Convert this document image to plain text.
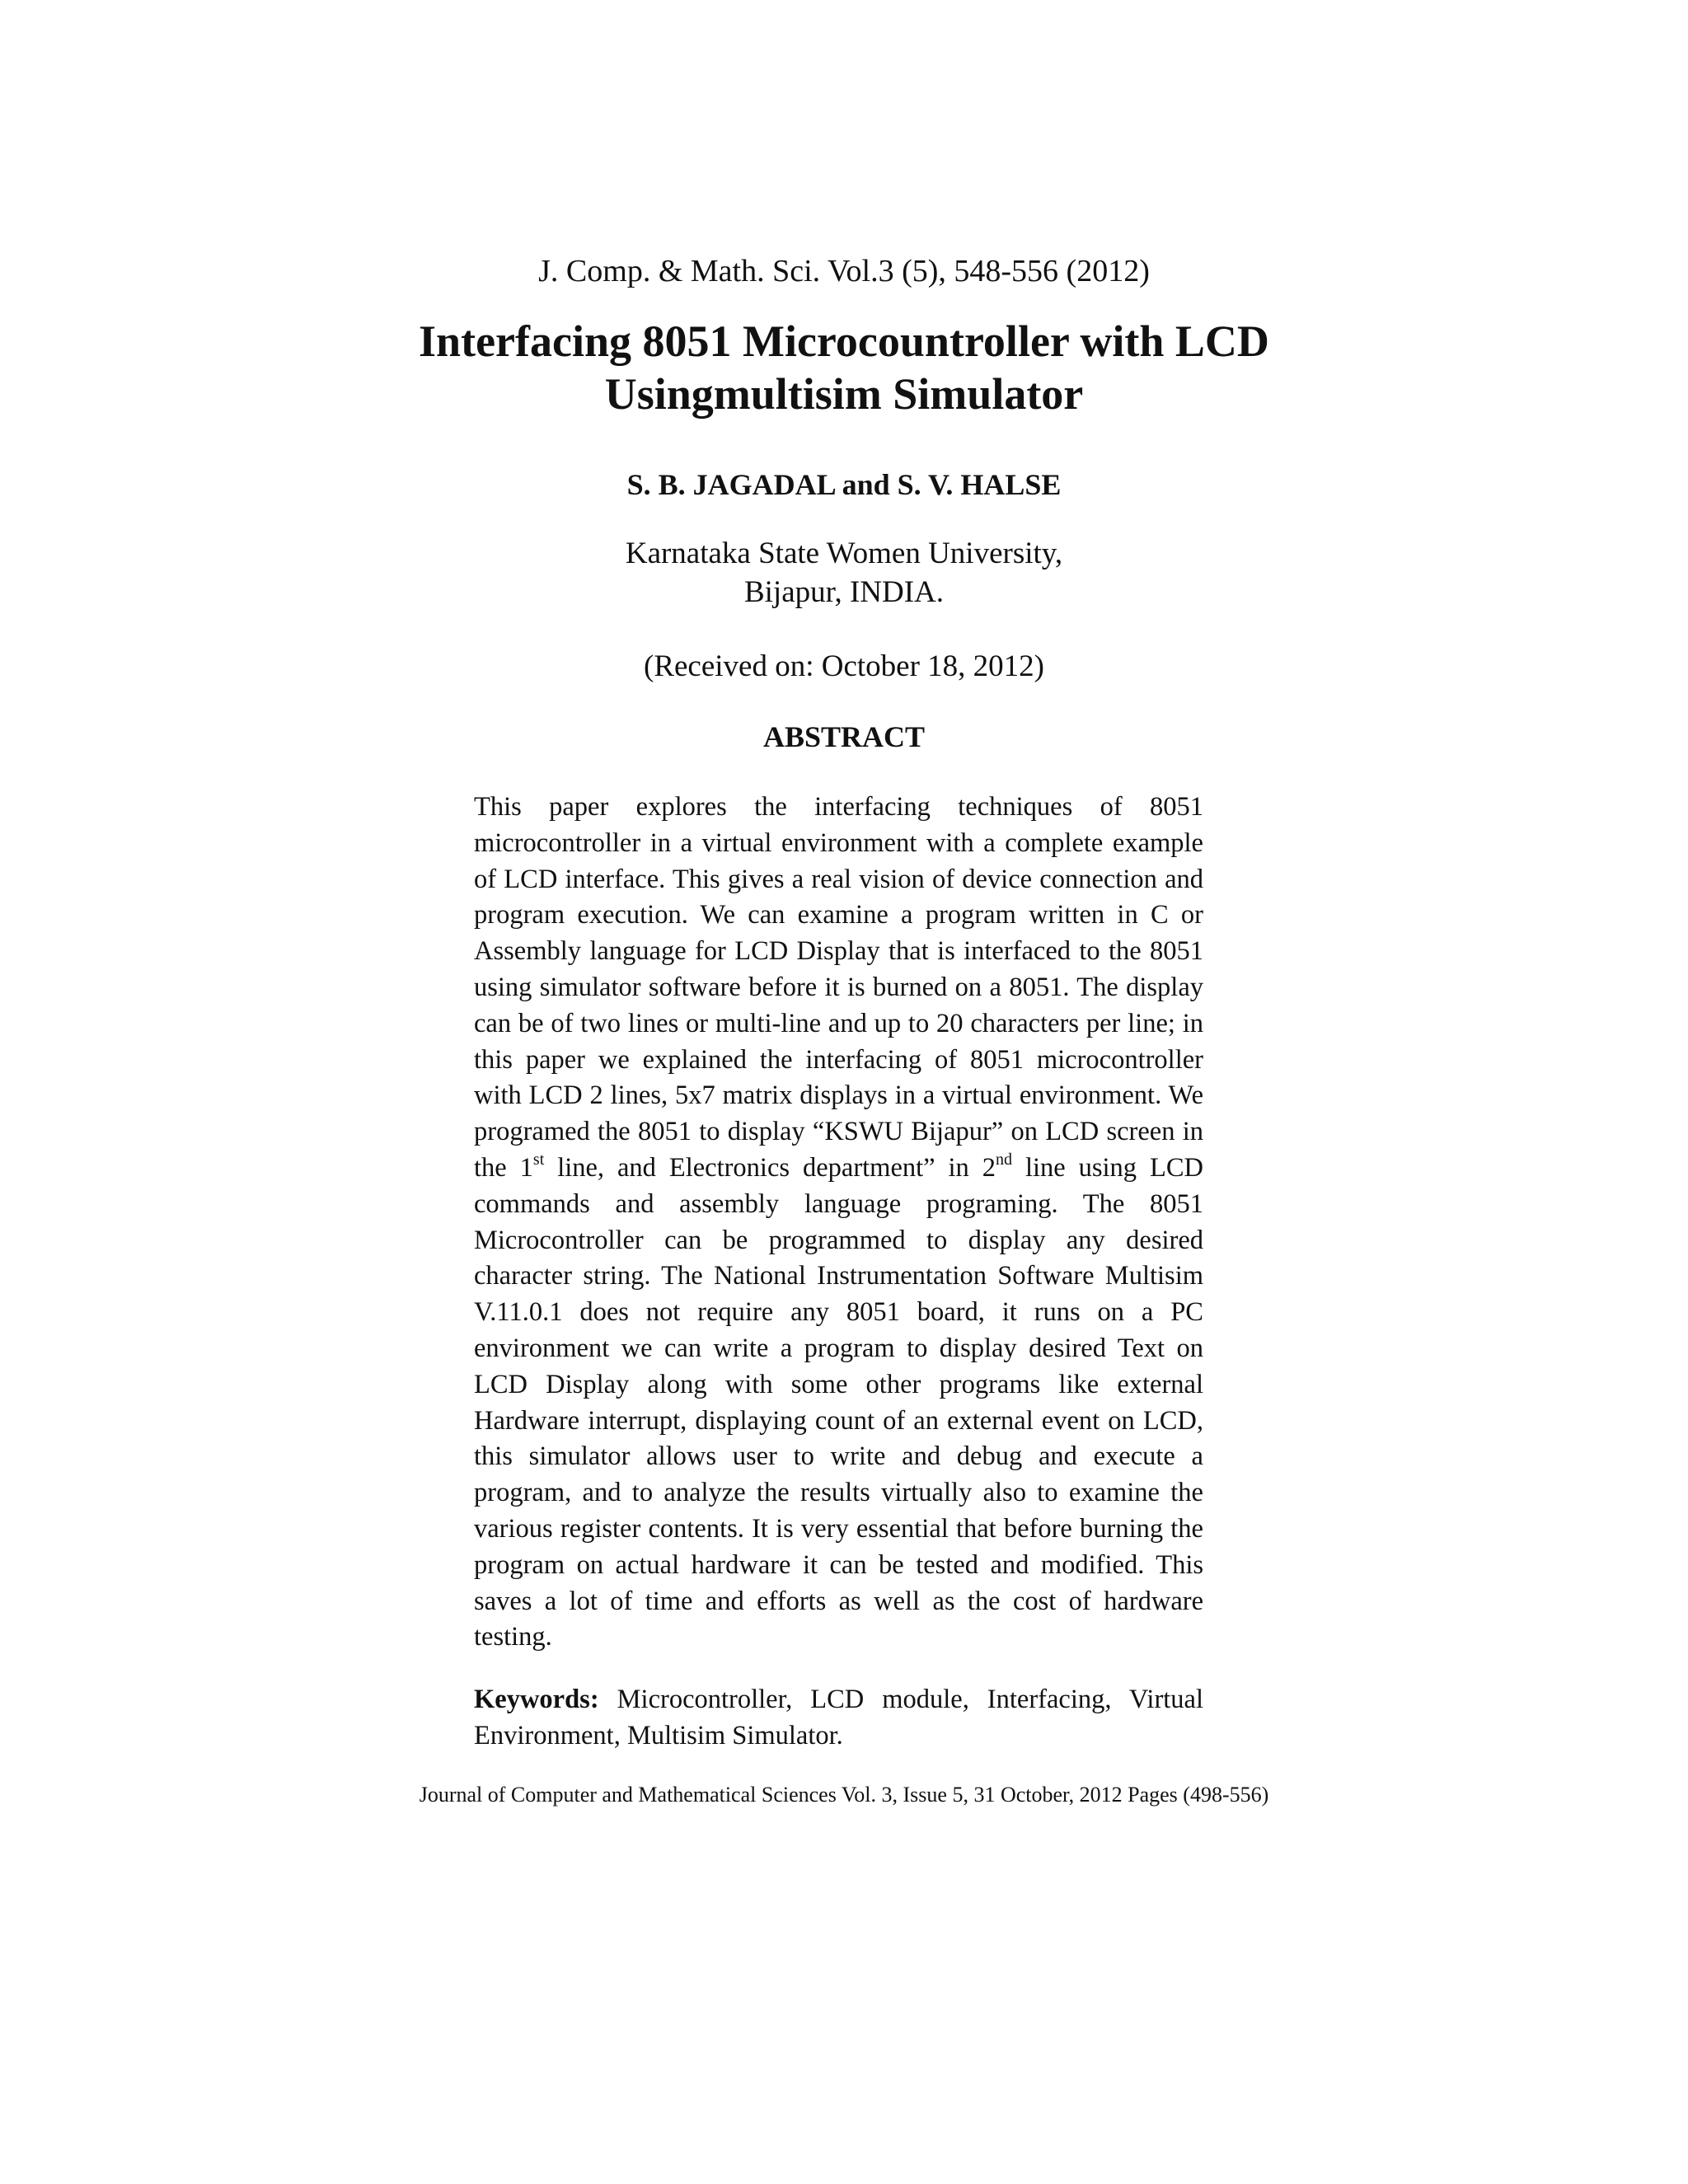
J. Comp. & Math. Sci. Vol.3 (5), 548-556 (2012)
Interfacing 8051 Microcountroller with LCD
Usingmultisim Simulator
S. B. JAGADAL and S. V. HALSE
Karnataka State Women University,
Bijapur, INDIA.
(Received on: October 18, 2012)
ABSTRACT
This paper explores the interfacing techniques of 8051 microcontroller in a virtual environment with a complete example of LCD interface. This gives a real vision of device connection and program execution. We can examine a program written in C or Assembly language for LCD Display that is interfaced to the 8051 using simulator software before it is burned on a 8051. The display can be of two lines or multi-line and up to 20 characters per line; in this paper we explained the interfacing of 8051 microcontroller with LCD 2 lines, 5x7 matrix displays in a virtual environment. We programed the 8051 to display “KSWU Bijapur” on LCD screen in the 1st line, and Electronics department” in 2nd line using LCD commands and assembly language programing. The 8051 Microcontroller can be programmed to display any desired character string. The National Instrumentation Software Multisim V.11.0.1 does not require any 8051 board, it runs on a PC environment we can write a program to display desired Text on LCD Display along with some other programs like external Hardware interrupt, displaying count of an external event on LCD, this simulator allows user to write and debug and execute a program, and to analyze the results virtually also to examine the various register contents. It is very essential that before burning the program on actual hardware it can be tested and modified. This saves a lot of time and efforts as well as the cost of hardware testing.
Keywords: Microcontroller, LCD module, Interfacing, Virtual Environment, Multisim Simulator.
Journal of Computer and Mathematical Sciences Vol. 3, Issue 5, 31 October, 2012 Pages (498-556)
